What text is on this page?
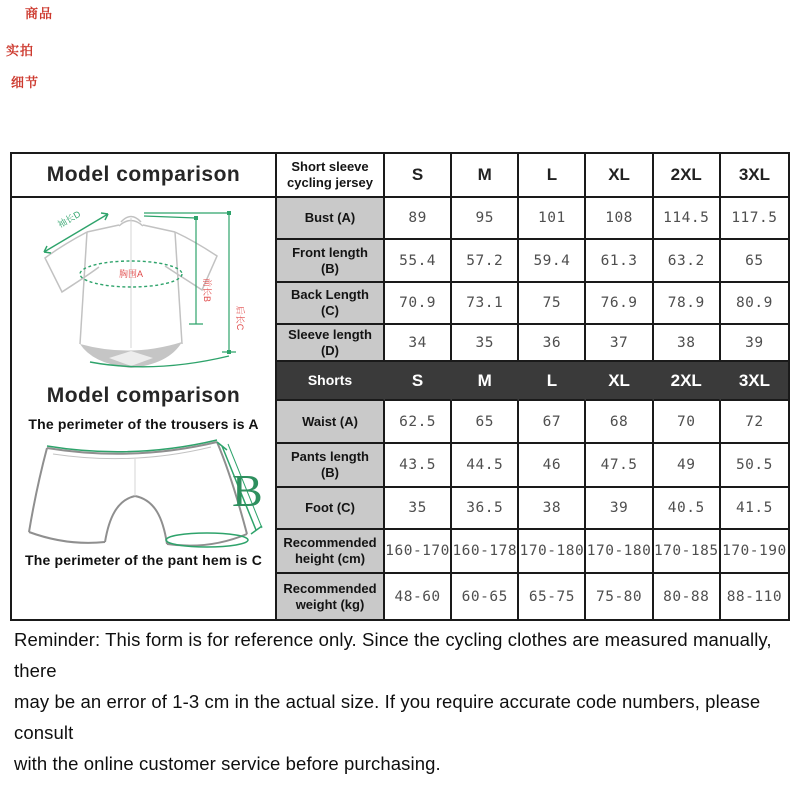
商品
实拍
细节
Model comparison
袖长D
胸围A
前长B
后长C
Model comparison
The perimeter of the trousers is A
B
The perimeter of the pant hem is C
Short sleeve cycling jersey	S	M	L	XL	2XL	3XL
Bust (A)	89	95	101	108	114.5	117.5
Front length (B)	55.4	57.2	59.4	61.3	63.2	65
Back Length (C)	70.9	73.1	75	76.9	78.9	80.9
Sleeve length (D)	34	35	36	37	38	39
Shorts	S	M	L	XL	2XL	3XL
Waist (A)	62.5	65	67	68	70	72
Pants length (B)	43.5	44.5	46	47.5	49	50.5
Foot (C)	35	36.5	38	39	40.5	41.5
Recommended height (cm)	160-170 160-178 170-180 170-180 170-185 170-190
Recommended weight (kg)	48-60	60-65	65-75	75-80	80-88	88-110
Reminder: This form is for reference only. Since the cycling clothes are measured manually, there
may be an error of 1-3 cm in the actual size. If you require accurate code numbers, please consult
with the online customer service before purchasing.
